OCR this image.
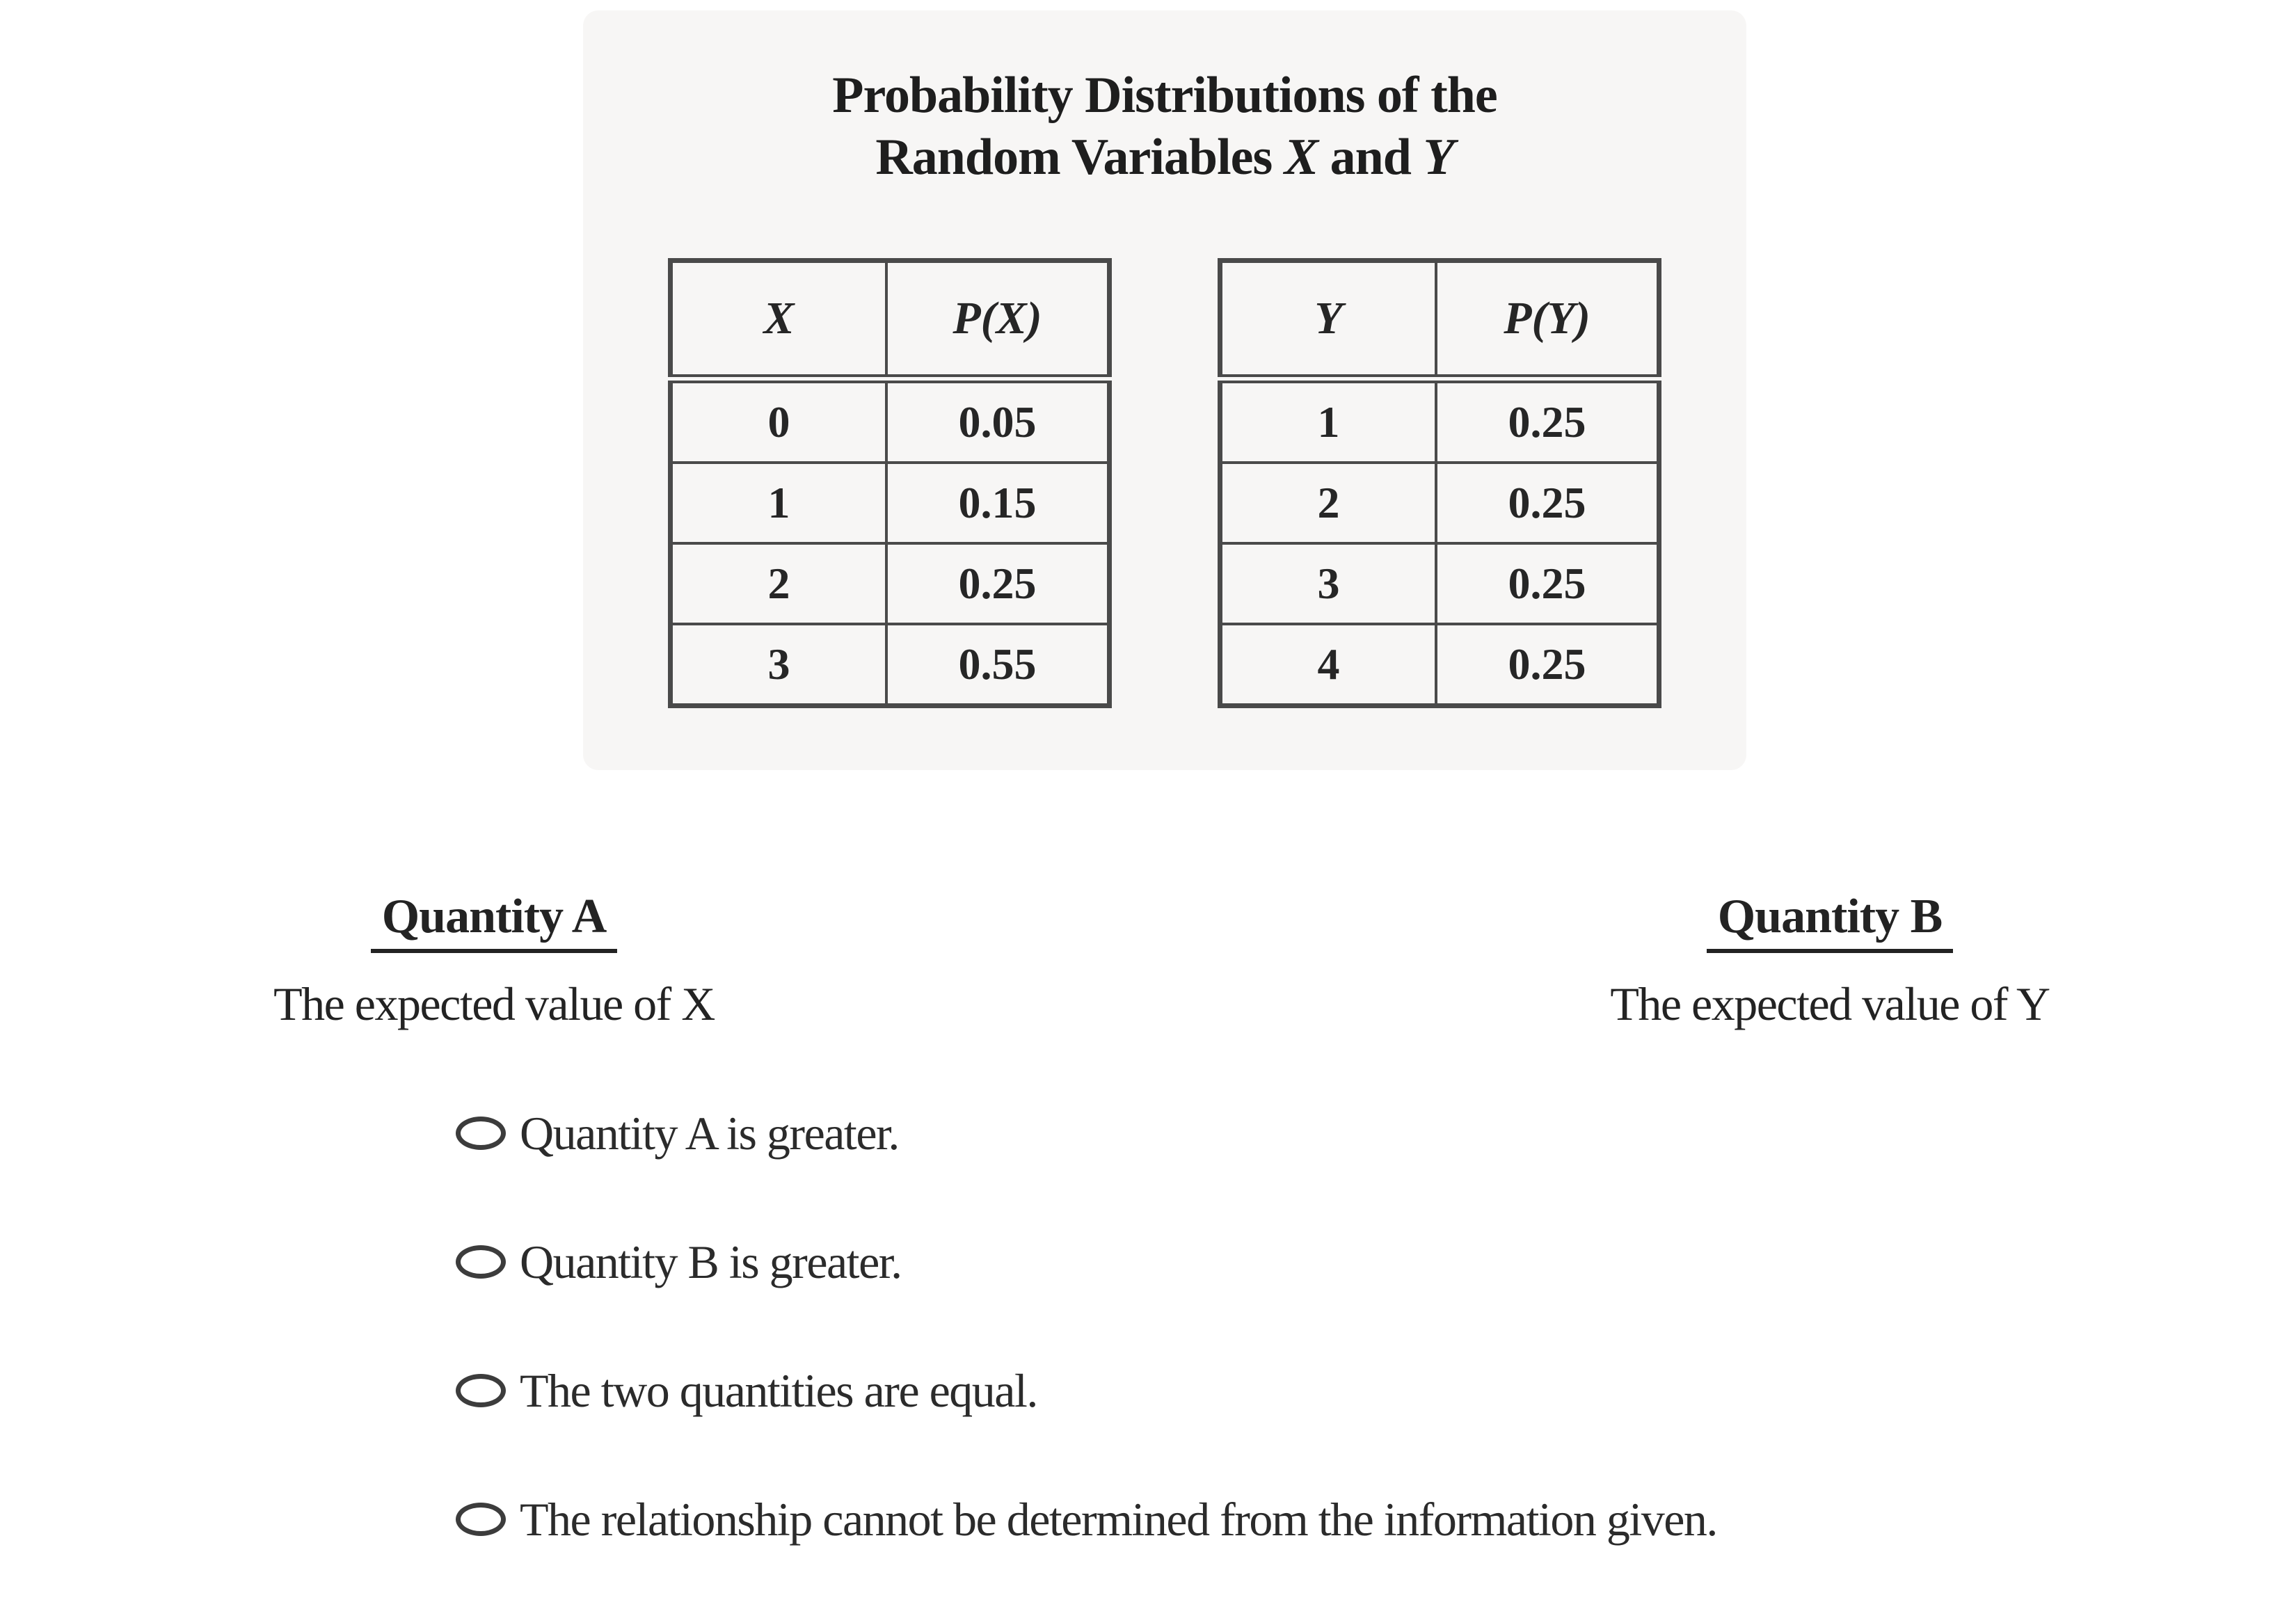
Probability Distributions of the
Random Variables X and Y
X	P(X)
0	0.05
1	0.15
2	0.25
3	0.55
Y	P(Y)
1	0.25
2	0.25
3	0.25
4	0.25
Quantity A
The expected value of X
Quantity B
The expected value of Y
Quantity A is greater.
Quantity B is greater.
The two quantities are equal.
The relationship cannot be determined from the information given.
